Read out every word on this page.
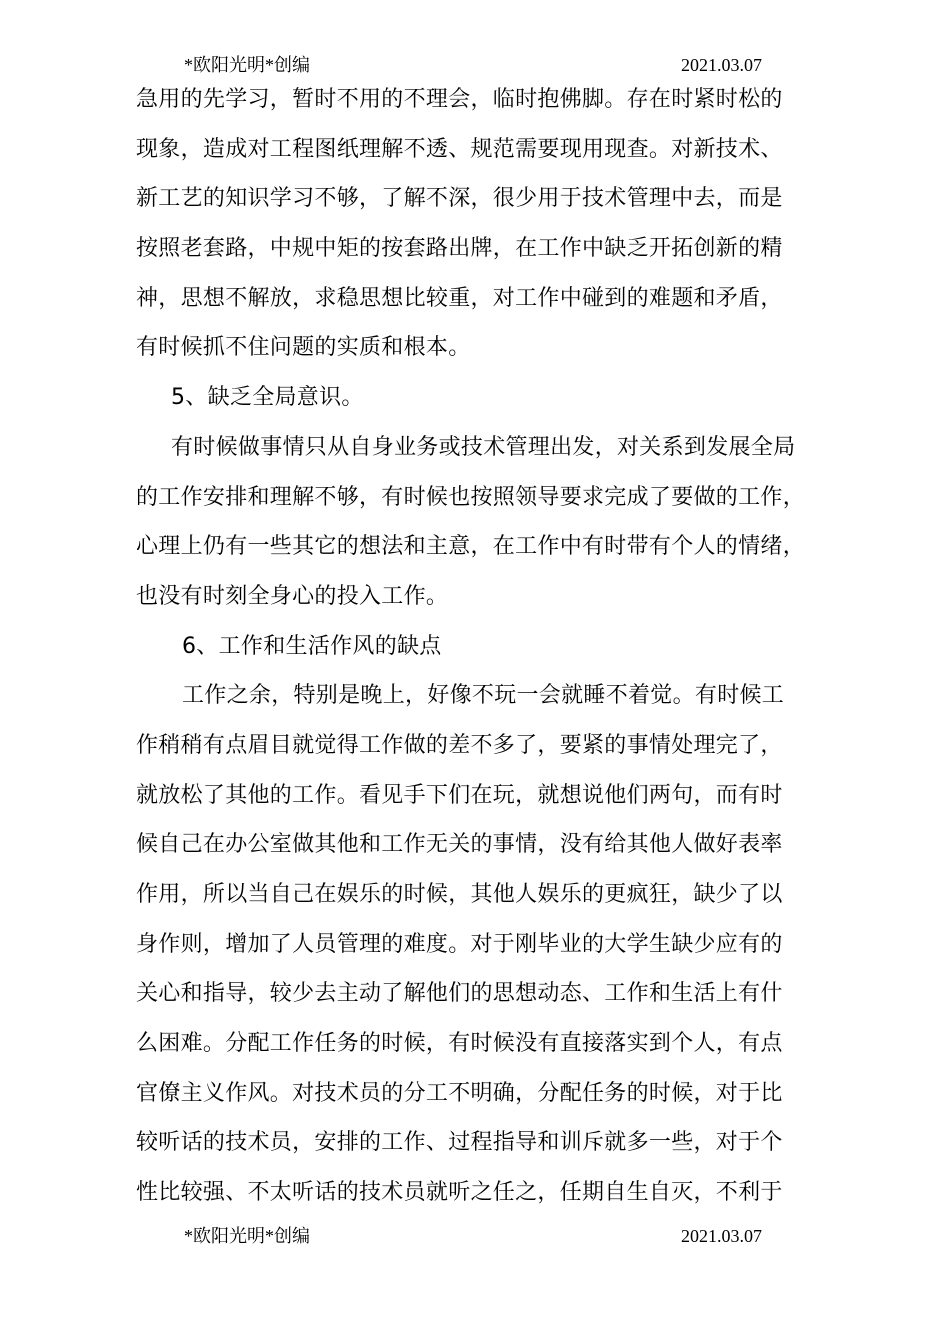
*欧阳光明*创编	2021.03.07
急用的先学习，暂时不用的不理会，临时抱佛脚。存在时紧时松的
现象，造成对工程图纸理解不透、规范需要现用现查。对新技术、
新工艺的知识学习不够，了解不深，很少用于技术管理中去，而是
按照老套路，中规中矩的按套路出牌，在工作中缺乏开拓创新的精
神，思想不解放，求稳思想比较重，对工作中碰到的难题和矛盾，
有时候抓不住问题的实质和根本。
5、缺乏全局意识。
有时候做事情只从自身业务或技术管理出发，对关系到发展全局
的工作安排和理解不够，有时候也按照领导要求完成了要做的工作，
心理上仍有一些其它的想法和主意，在工作中有时带有个人的情绪，
也没有时刻全身心的投入工作。
6、工作和生活作风的缺点
工作之余，特别是晚上，好像不玩一会就睡不着觉。有时候工
作稍稍有点眉目就觉得工作做的差不多了，要紧的事情处理完了，
就放松了其他的工作。看见手下们在玩，就想说他们两句，而有时
候自己在办公室做其他和工作无关的事情，没有给其他人做好表率
作用，所以当自己在娱乐的时候，其他人娱乐的更疯狂，缺少了以
身作则，增加了人员管理的难度。对于刚毕业的大学生缺少应有的
关心和指导，较少去主动了解他们的思想动态、工作和生活上有什
么困难。分配工作任务的时候，有时候没有直接落实到个人，有点
官僚主义作风。对技术员的分工不明确，分配任务的时候，对于比
较听话的技术员，安排的工作、过程指导和训斥就多一些，对于个
性比较强、不太听话的技术员就听之任之，任期自生自灭，不利于
*欧阳光明*创编	2021.03.07
